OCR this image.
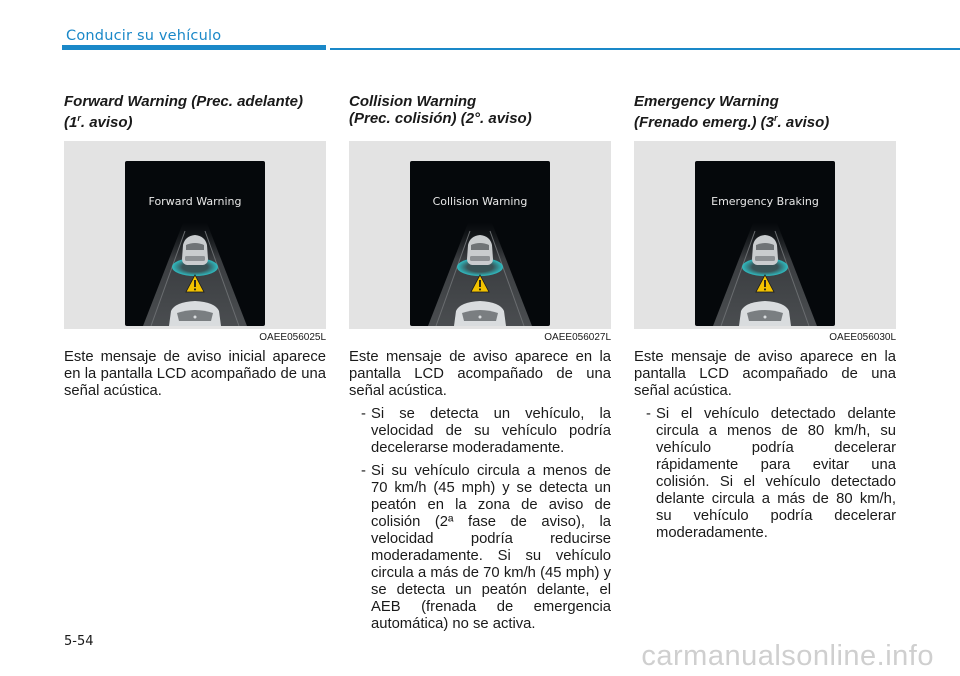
Conducir su vehículo

Forward Warning (Prec. adelante)
(1$^r$. aviso)

Forward Warning
OAEE056025L

Este mensaje de aviso inicial aparece en la pantalla LCD acompañado de una señal acústica.

Collision Warning
(Prec. colisión) (2°. aviso)

Collision Warning
OAEE056027L

Este mensaje de aviso aparece en la pantalla LCD acompañado de una señal acústica.

- Si se detecta un vehículo, la velocidad de su vehículo podría decelerarse moderadamente.
- Si su vehículo circula a menos de 70 km/h (45 mph) y se detecta un peatón en la zona de aviso de colisión (2ª fase de aviso), la velocidad podría reducirse moderadamente. Si su vehículo circula a más de 70 km/h (45 mph) y se detecta un peatón delante, el AEB (frenada de emergencia automática) no se activa.

Emergency Warning
(Frenado emerg.) (3$^r$. aviso)

Emergency Braking
OAEE056030L

Este mensaje de aviso aparece en la pantalla LCD acompañado de una señal acústica.

- Si el vehículo detectado delante circula a menos de 80 km/h, su vehículo podría decelerar rápidamente para evitar una colisión. Si el vehículo detectado delante circula a más de 80 km/h, su vehículo podría decelerar moderadamente.
5-54	carmanualsonline.info
